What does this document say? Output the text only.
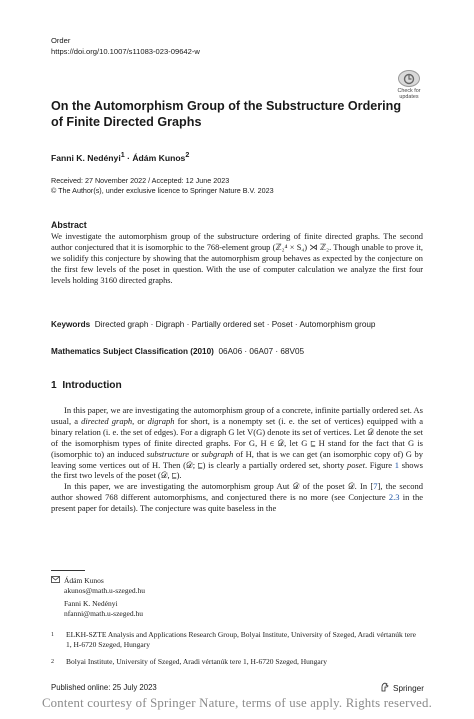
Order
https://doi.org/10.1007/s11083-023-09642-w
Check for
updates
On the Automorphism Group of the Substructure Ordering of Finite Directed Graphs
Fanni K. Nedényi$^1$ · Ádám Kunos$^2$
Received: 27 November 2022 / Accepted: 12 June 2023
© The Author(s), under exclusive licence to Springer Nature B.V. 2023
Abstract
We investigate the automorphism group of the substructure ordering of finite directed graphs. The second author conjectured that it is isomorphic to the 768-element group (ℤ₂⁴ × S₄) ⋊ ℤ₂. Though unable to prove it, we solidify this conjecture by showing that the automorphism group behaves as expected by the conjecture on the first few levels of the poset in question. With the use of computer calculation we analyze the first four levels holding 3160 directed graphs.
Keywords Directed graph · Digraph · Partially ordered set · Poset · Automorphism group
Mathematics Subject Classification (2010) 06A06 · 06A07 · 68V05
1 Introduction

In this paper, we are investigating the automorphism group of a concrete, infinite partially ordered set. As usual, a directed graph, or digraph for short, is a nonempty set (i. e. the set of vertices) equipped with a binary relation (i. e. the set of edges). For a digraph G let V(G) denote its set of vertices. Let 𝒟 denote the set of the isomorphism types of finite directed graphs. For G, H ∈ 𝒟, let G ⊑ H stand for the fact that G is (isomorphic to) an induced substructure or subgraph of H, that is we can get (an isomorphic copy of) G by leaving some vertices out of H. Then (𝒟; ⊑) is clearly a partially ordered set, shorty poset. Figure 1 shows the first two levels of the poset (𝒟, ⊑).

In this paper, we are investigating the automorphism group Aut 𝒟 of the poset 𝒟. In [7], the second author showed 768 different automorphisms, and conjectured there is no more (see Conjecture 2.3 in the present paper for details). The conjecture was quite baseless in the

Ádám Kunos
akunos@math.u-szeged.hu
Fanni K. Nedényi
nfanni@math.u-szeged.hu
1	ELKH-SZTE Analysis and Applications Research Group, Bolyai Institute, University of Szeged, Aradi vértanúk tere 1, H-6720 Szeged, Hungary
2	Bolyai Institute, University of Szeged, Aradi vértanúk tere 1, H-6720 Szeged, Hungary
Published online: 25 July 2023	Springer
Content courtesy of Springer Nature, terms of use apply. Rights reserved.
